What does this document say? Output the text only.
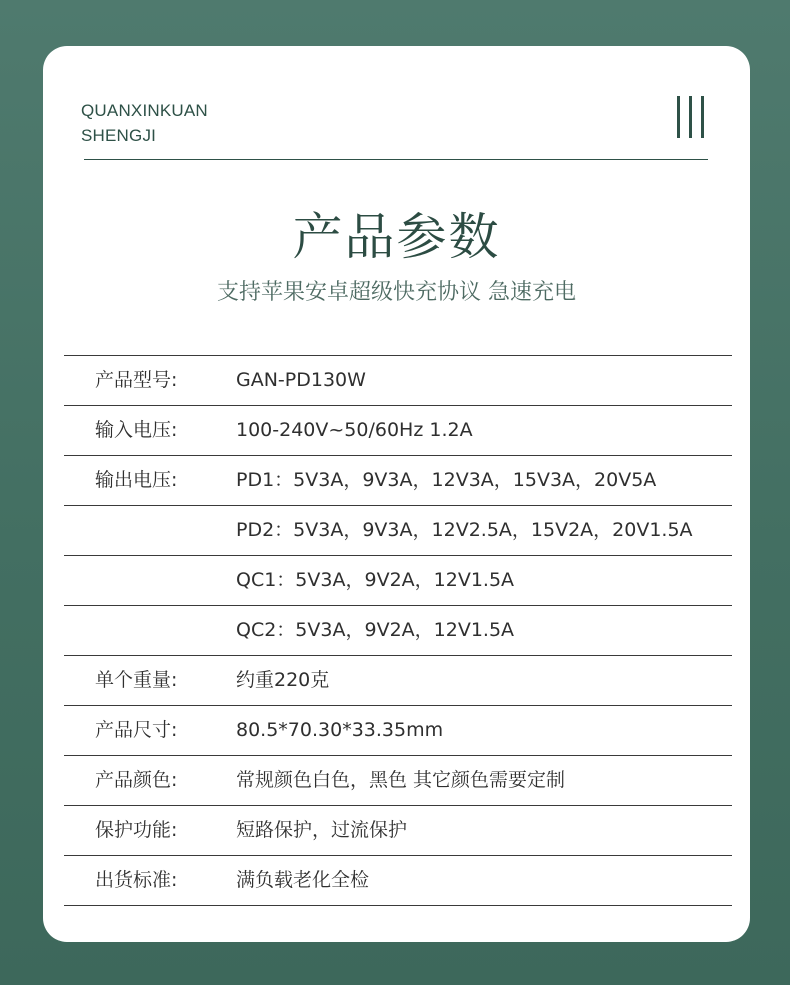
QUANXINKUAN
SHENGJI
产品参数
支持苹果安卓超级快充协议 急速充电
产品型号:	GAN-PD130W
输入电压:	100-240V~50/60Hz 1.2A
输出电压:	PD1：5V3A，9V3A，12V3A，15V3A，20V5A
PD2：5V3A，9V3A，12V2.5A，15V2A，20V1.5A
QC1：5V3A，9V2A，12V1.5A
QC2：5V3A，9V2A，12V1.5A
单个重量:	约重220克
产品尺寸:	80.5*70.30*33.35mm
产品颜色:	常规颜色白色，黑色 其它颜色需要定制
保护功能:	短路保护，过流保护
出货标准:	满负载老化全检
